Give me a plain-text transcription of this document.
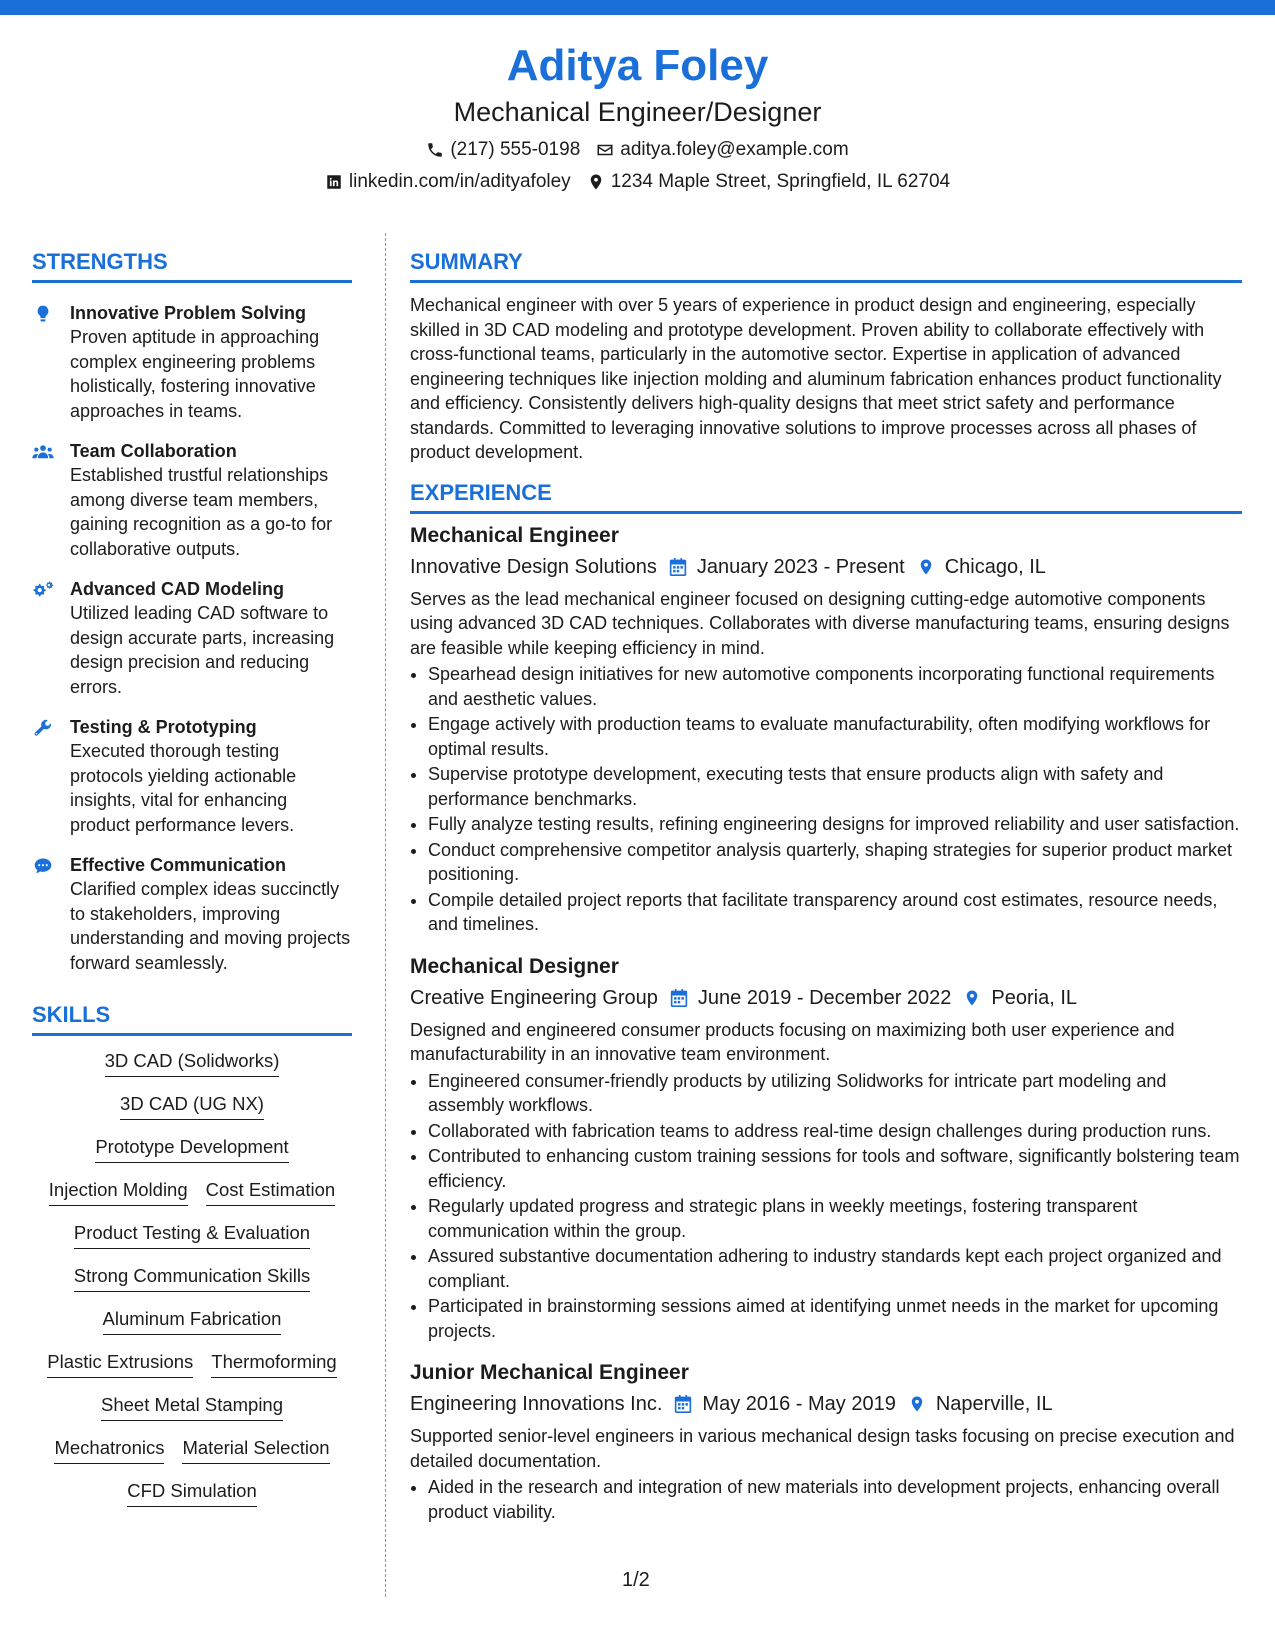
Aditya Foley
Mechanical Engineer/Designer
(217) 555-0198 aditya.foley@example.com
linkedin.com/in/adityafoley 1234 Maple Street, Springfield, IL 62704
STRENGTHS
Innovative Problem Solving
Proven aptitude in approaching complex engineering problems holistically, fostering innovative approaches in teams.
Team Collaboration
Established trustful relationships among diverse team members, gaining recognition as a go-to for collaborative outputs.
Advanced CAD Modeling
Utilized leading CAD software to design accurate parts, increasing design precision and reducing errors.
Testing & Prototyping
Executed thorough testing protocols yielding actionable insights, vital for enhancing product performance levers.
Effective Communication
Clarified complex ideas succinctly to stakeholders, improving understanding and moving projects forward seamlessly.
SKILLS
3D CAD (Solidworks)
3D CAD (UG NX)
Prototype Development
Injection Molding Cost Estimation
Product Testing & Evaluation
Strong Communication Skills
Aluminum Fabrication
Plastic Extrusions Thermoforming
Sheet Metal Stamping
Mechatronics Material Selection
CFD Simulation
SUMMARY
Mechanical engineer with over 5 years of experience in product design and engineering, especially skilled in 3D CAD modeling and prototype development. Proven ability to collaborate effectively with cross-functional teams, particularly in the automotive sector. Expertise in application of advanced engineering techniques like injection molding and aluminum fabrication enhances product functionality and efficiency. Consistently delivers high-quality designs that meet strict safety and performance standards. Committed to leveraging innovative solutions to improve processes across all phases of product development.
EXPERIENCE
Mechanical Engineer
Innovative Design Solutions January 2023 - Present Chicago, IL
Serves as the lead mechanical engineer focused on designing cutting-edge automotive components using advanced 3D CAD techniques. Collaborates with diverse manufacturing teams, ensuring designs are feasible while keeping efficiency in mind.
• Spearhead design initiatives for new automotive components incorporating functional requirements and aesthetic values.
• Engage actively with production teams to evaluate manufacturability, often modifying workflows for optimal results.
• Supervise prototype development, executing tests that ensure products align with safety and performance benchmarks.
• Fully analyze testing results, refining engineering designs for improved reliability and user satisfaction.
• Conduct comprehensive competitor analysis quarterly, shaping strategies for superior product market positioning.
• Compile detailed project reports that facilitate transparency around cost estimates, resource needs, and timelines.
Mechanical Designer
Creative Engineering Group June 2019 - December 2022 Peoria, IL
Designed and engineered consumer products focusing on maximizing both user experience and manufacturability in an innovative team environment.
• Engineered consumer-friendly products by utilizing Solidworks for intricate part modeling and assembly workflows.
• Collaborated with fabrication teams to address real-time design challenges during production runs.
• Contributed to enhancing custom training sessions for tools and software, significantly bolstering team efficiency.
• Regularly updated progress and strategic plans in weekly meetings, fostering transparent communication within the group.
• Assured substantive documentation adhering to industry standards kept each project organized and compliant.
• Participated in brainstorming sessions aimed at identifying unmet needs in the market for upcoming projects.
Junior Mechanical Engineer
Engineering Innovations Inc. May 2016 - May 2019 Naperville, IL
Supported senior-level engineers in various mechanical design tasks focusing on precise execution and detailed documentation.
• Aided in the research and integration of new materials into development projects, enhancing overall product viability.
1/2
